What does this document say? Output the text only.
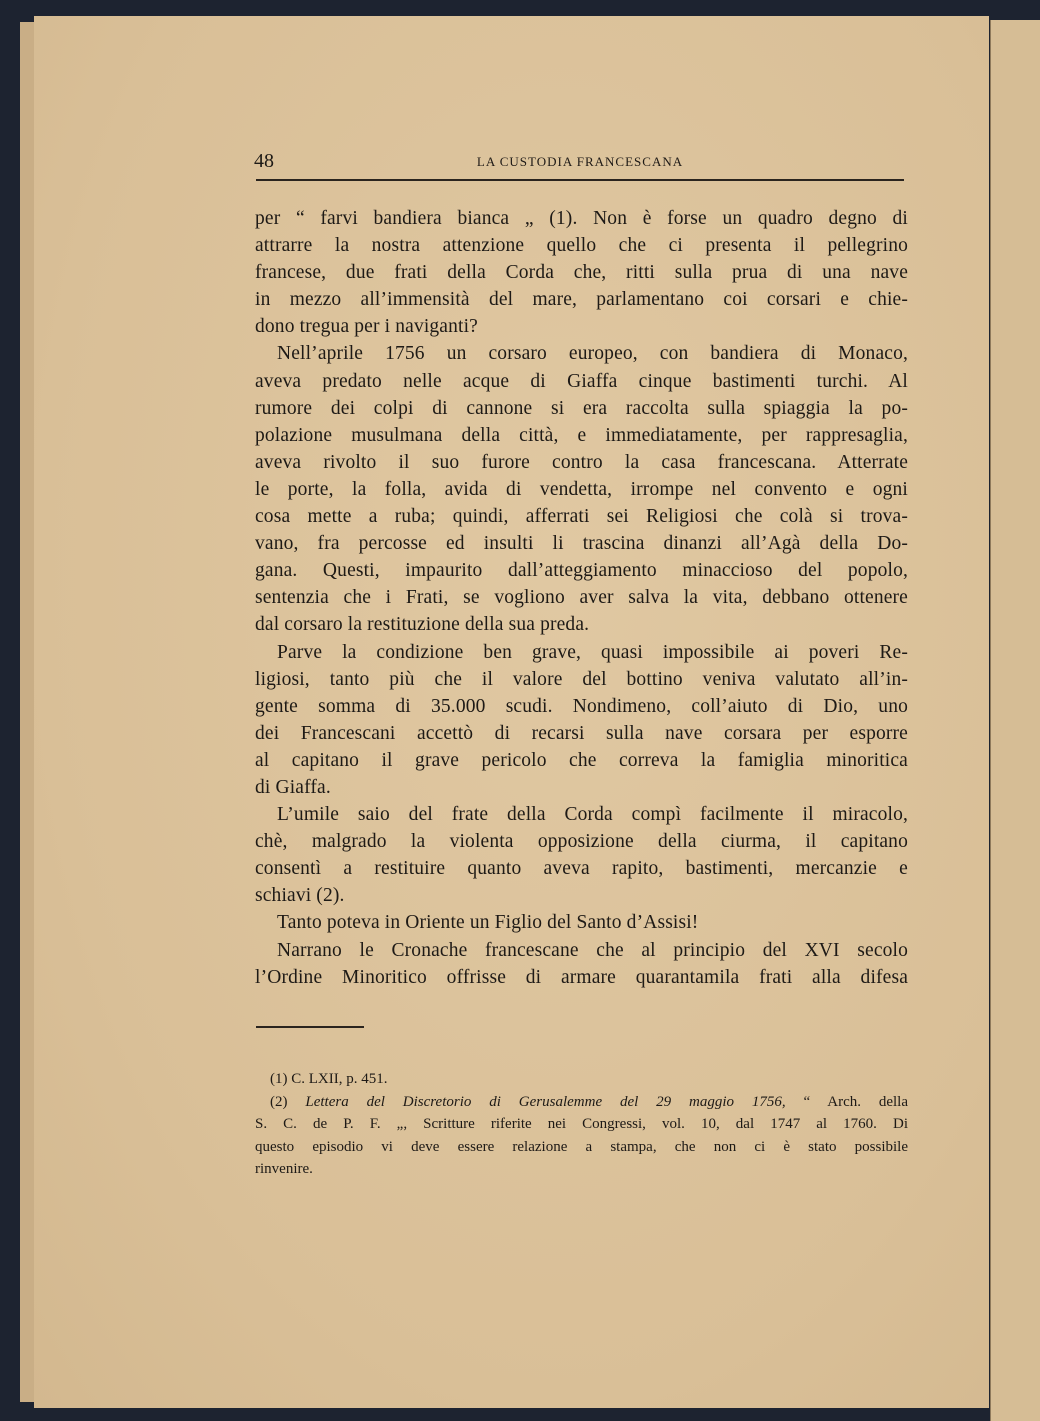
48	LA CUSTODIA FRANCESCANA
per “ farvi bandiera bianca „ (1). Non è forse un quadro degno di
attrarre la nostra attenzione quello che ci presenta il pellegrino
francese, due frati della Corda che, ritti sulla prua di una nave
in mezzo all’immensità del mare, parlamentano coi corsari e chie-
dono tregua per i naviganti?
Nell’aprile 1756 un corsaro europeo, con bandiera di Monaco,
aveva predato nelle acque di Giaffa cinque bastimenti turchi. Al
rumore dei colpi di cannone si era raccolta sulla spiaggia la po-
polazione musulmana della città, e immediatamente, per rappresaglia,
aveva rivolto il suo furore contro la casa francescana. Atterrate
le porte, la folla, avida di vendetta, irrompe nel convento e ogni
cosa mette a ruba; quindi, afferrati sei Religiosi che colà si trova-
vano, fra percosse ed insulti li trascina dinanzi all’Agà della Do-
gana. Questi, impaurito dall’atteggiamento minaccioso del popolo,
sentenzia che i Frati, se vogliono aver salva la vita, debbano ottenere
dal corsaro la restituzione della sua preda.
Parve la condizione ben grave, quasi impossibile ai poveri Re-
ligiosi, tanto più che il valore del bottino veniva valutato all’in-
gente somma di 35.000 scudi. Nondimeno, coll’aiuto di Dio, uno
dei Francescani accettò di recarsi sulla nave corsara per esporre
al capitano il grave pericolo che correva la famiglia minoritica
di Giaffa.
L’umile saio del frate della Corda compì facilmente il miracolo,
chè, malgrado la violenta opposizione della ciurma, il capitano
consentì a restituire quanto aveva rapito, bastimenti, mercanzie e
schiavi (2).
Tanto poteva in Oriente un Figlio del Santo d’Assisi!
Narrano le Cronache francescane che al principio del XVI secolo
l’Ordine Minoritico offrisse di armare quarantamila frati alla difesa
(1) C. LXII, p. 451.
(2) Lettera del Discretorio di Gerusalemme del 29 maggio 1756, “ Arch. della
S. C. de P. F. „, Scritture riferite nei Congressi, vol. 10, dal 1747 al 1760. Di
questo episodio vi deve essere relazione a stampa, che non ci è stato possibile
rinvenire.
